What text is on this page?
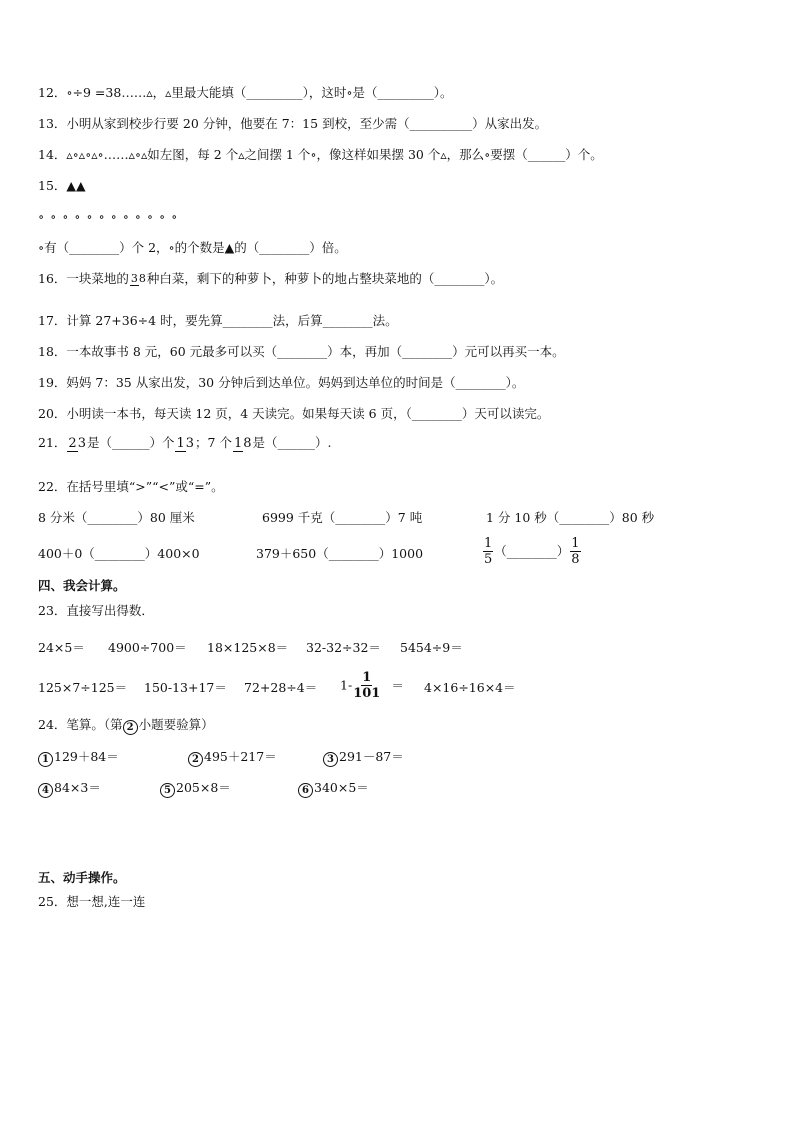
12．∘÷9 =38……▵，▵里最大能填（_________），这时∘是（_________）。
13．小明从家到校步行要 20 分钟，他要在 7：15 到校，至少需（__________）从家出发。
14．▵∘▵∘▵∘……▵∘▵如左图，每 2 个▵之间摆 1 个∘，像这样如果摆 30 个▵，那么∘要摆（______）个。
15．▲▲
∘ ∘ ∘ ∘ ∘ ∘ ∘ ∘ ∘ ∘ ∘ ∘
∘有（________）个 2，∘的个数是▲的（________）倍。
16．一块菜地的 38种白菜，剩下的种萝卜，种萝卜的地占整块菜地的（________）。
17．计算 27+36÷4 时，要先算________法，后算________法。
18．一本故事书 8 元，60 元最多可以买（________）本，再加（________）元可以再买一本。
19．妈妈 7：35 从家出发，30 分钟后到达单位。妈妈到达单位的时间是（________）。
20．小明读一本书，每天读 12 页，4 天读完。如果每天读 6 页，（________）天可以读完。
21． 23是（______）个 13；7 个 18是（______）.
22．在括号里填“>”“<”或“=”。
8 分米（________）80 厘米	6999 千克（________）7 吨	1 分 10 秒（________）80 秒
400＋0（________）400×0	379＋650（________）1000	$\frac{1}{5}$ （________） $\frac{1}{8}$
四、我会计算。
23．直接写出得数．
24×5＝ 4900÷700＝ 18×125×8＝ 32-32÷32＝ 5454÷9＝
$125\times 7\div 125= 150-13+17= 72+28\div 4= 1- \frac{1}{101} = 4\times 16\div 16\times 4=$
24．笔算。（第 2 小题要验算）
1 129＋84＝	2 495＋217＝	3 291－87＝
4 84×3＝	5 205×8＝	6 340×5＝
五、动手操作。
25．想一想,连一连
